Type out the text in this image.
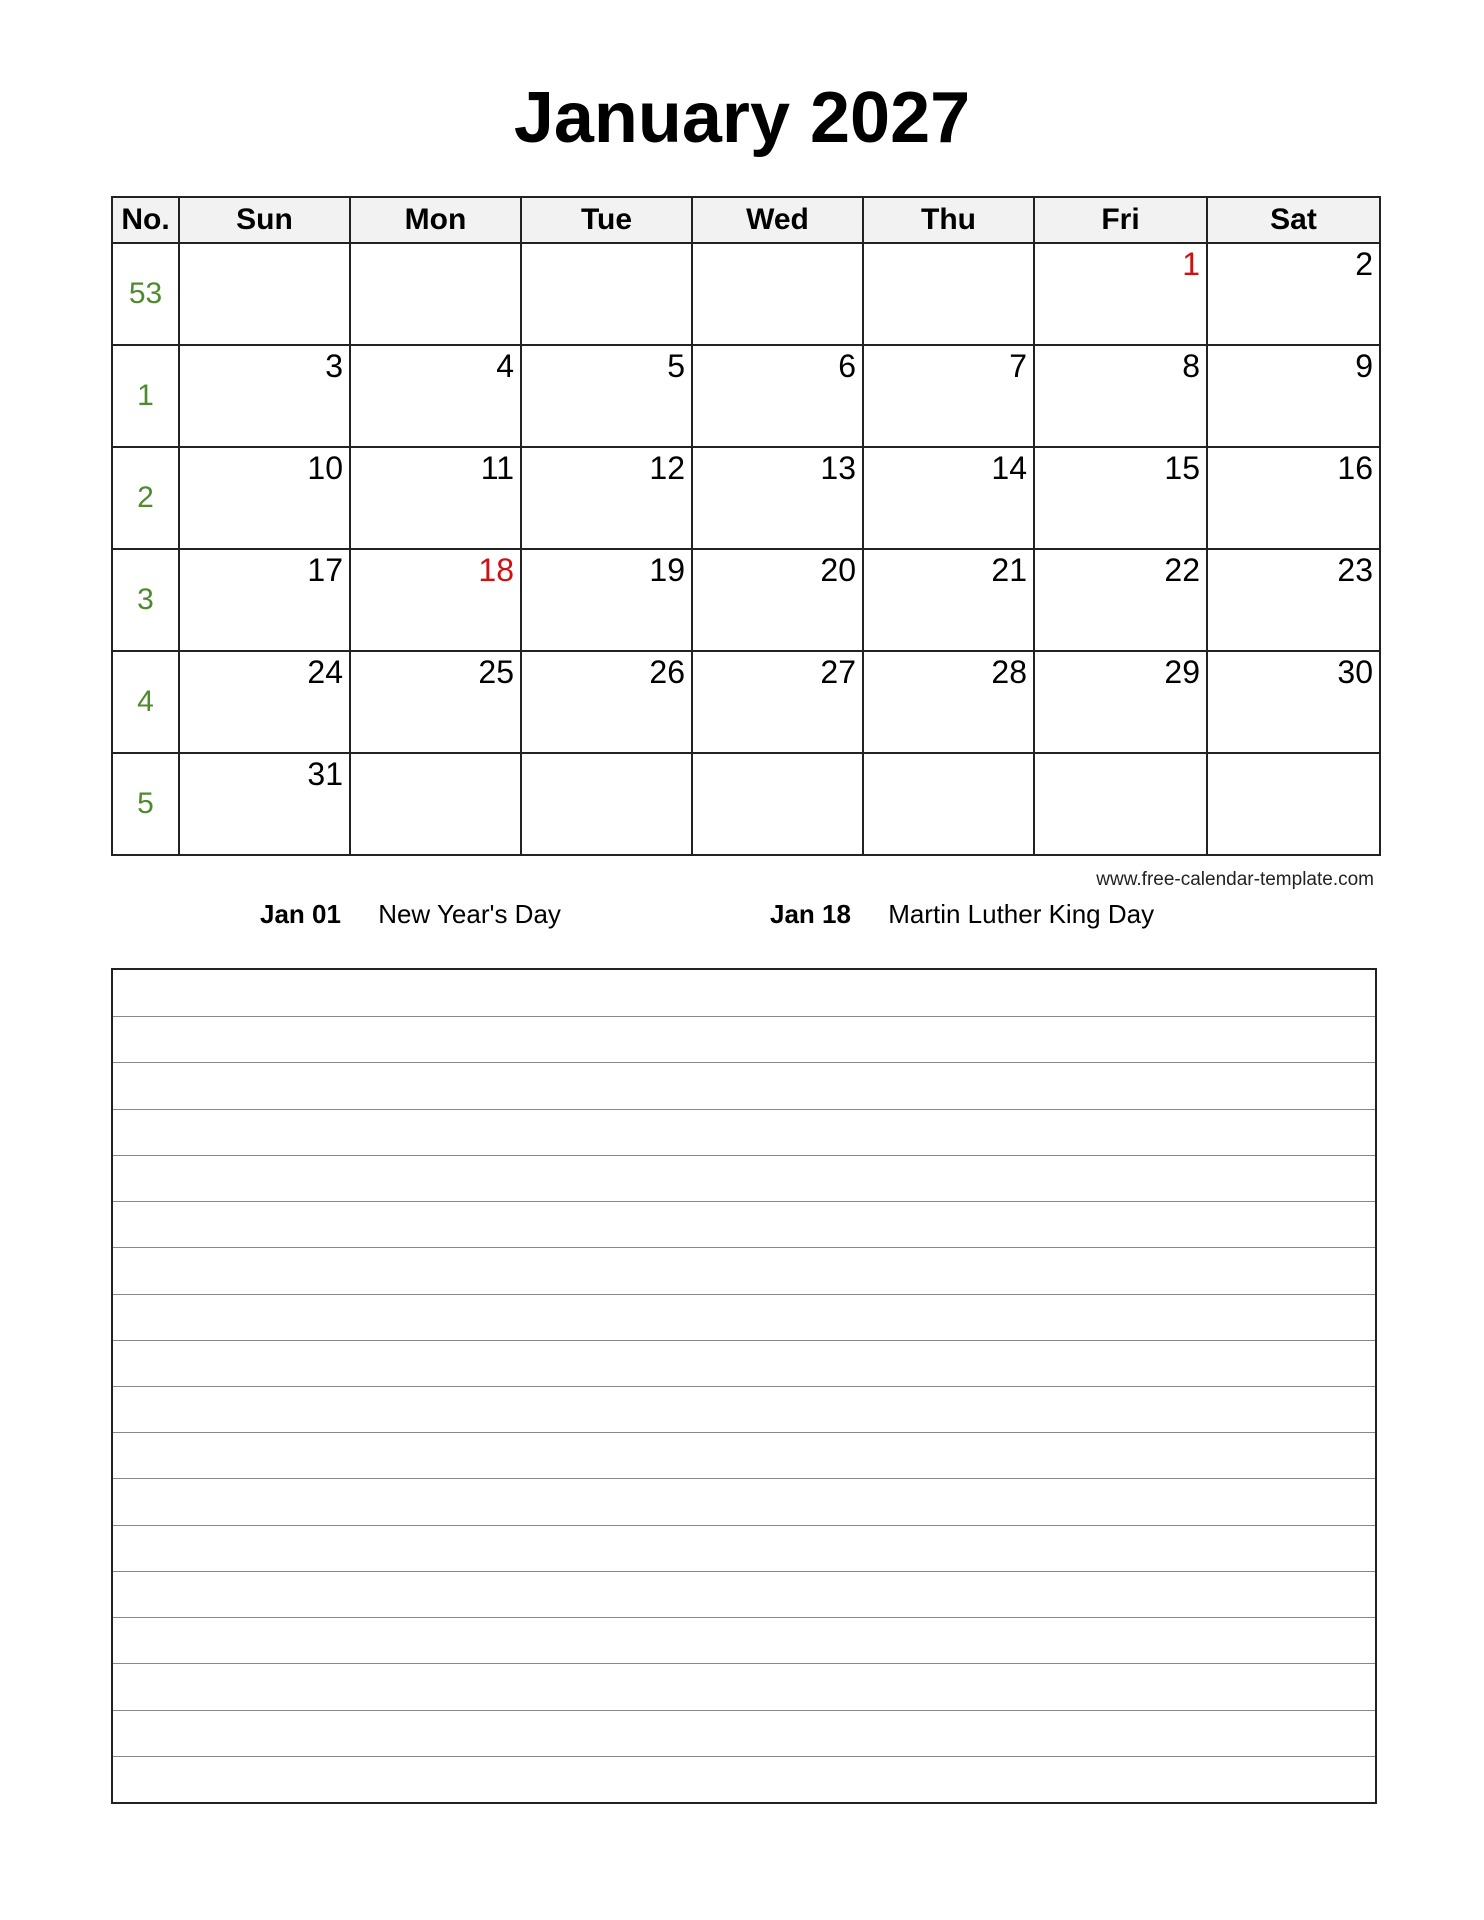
January 2027
No.	Sun	Mon	Tue	Wed	Thu	Fri	Sat
53						1	2

1	3	4	5	6	7	8	9

2	10	11	12	13	14	15	16

3	17	18	19	20	21	22	23

4	24	25	26	27	28	29	30

5	31						

www.free-calendar-template.com
Jan 01 New Year's Day	Jan 18 Martin Luther King Day
